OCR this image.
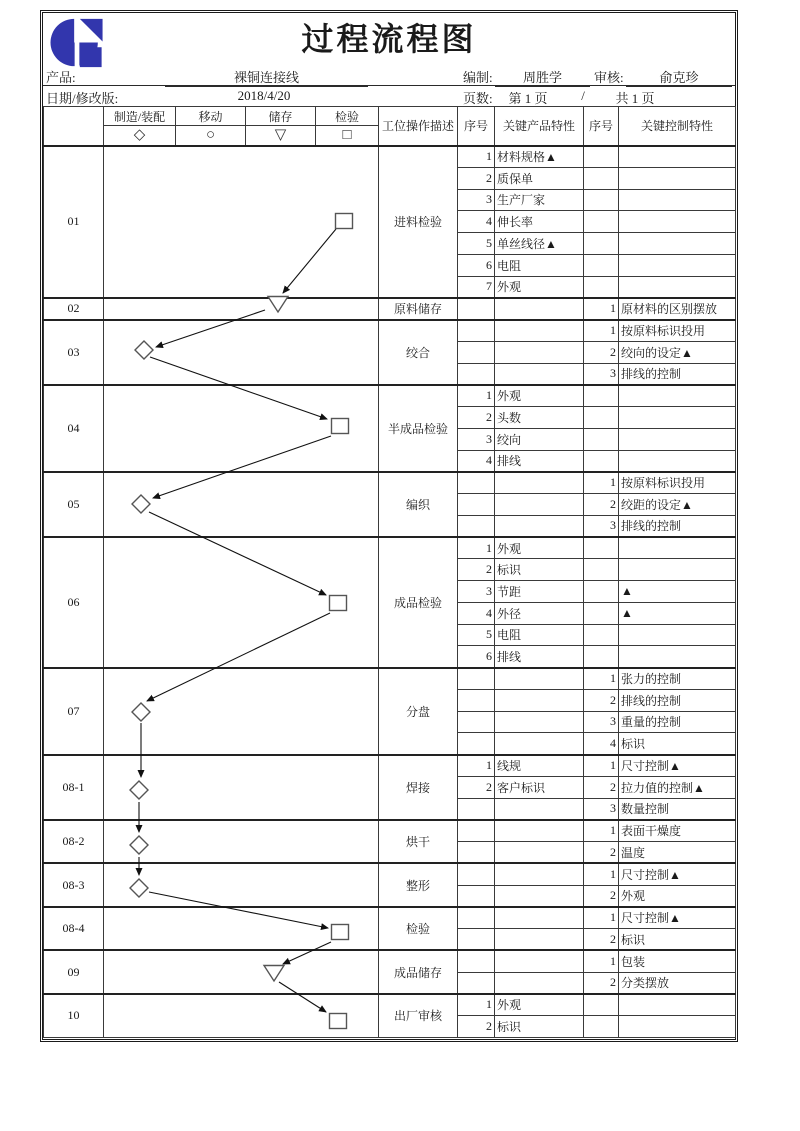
过程流程图
产品:	裸铜连接线	编制:	周胜学	审核:	俞克珍
日期/修改版:	2018/4/20	页数:	第 1 页	/	共 1 页
	制造/装配	移动	储存	检验	工位操作描述	序号	关键产品特性	序号	关键控制特性
	◇	○	▽	□					
01					进料检验	1	材料规格▲		
						2	质保单		
						3	生产厂家		
						4	伸长率		
						5	单丝线径▲		
						6	电阻		
						7	外观		
02					原料储存			1	原材料的区别摆放
03					绞合			1	按原料标识投用
								2	绞向的设定▲
								3	排线的控制
04					半成品检验	1	外观		
						2	头数		
						3	绞向		
						4	排线		
05					编织			1	按原料标识投用
								2	绞距的设定▲
								3	排线的控制
06					成品检验	1	外观		
						2	标识		
						3	节距		▲
						4	外径		▲
						5	电阻		
						6	排线		
07					分盘			1	张力的控制
								2	排线的控制
								3	重量的控制
								4	标识
08-1					焊接	1	线规	1	尺寸控制▲
						2	客户标识	2	拉力值的控制▲
								3	数量控制
08-2					烘干			1	表面干燥度
								2	温度
08-3					整形			1	尺寸控制▲
								2	外观
08-4					检验			1	尺寸控制▲
								2	标识
09					成品储存			1	包装
								2	分类摆放
10					出厂审核	1	外观		
						2	标识		
